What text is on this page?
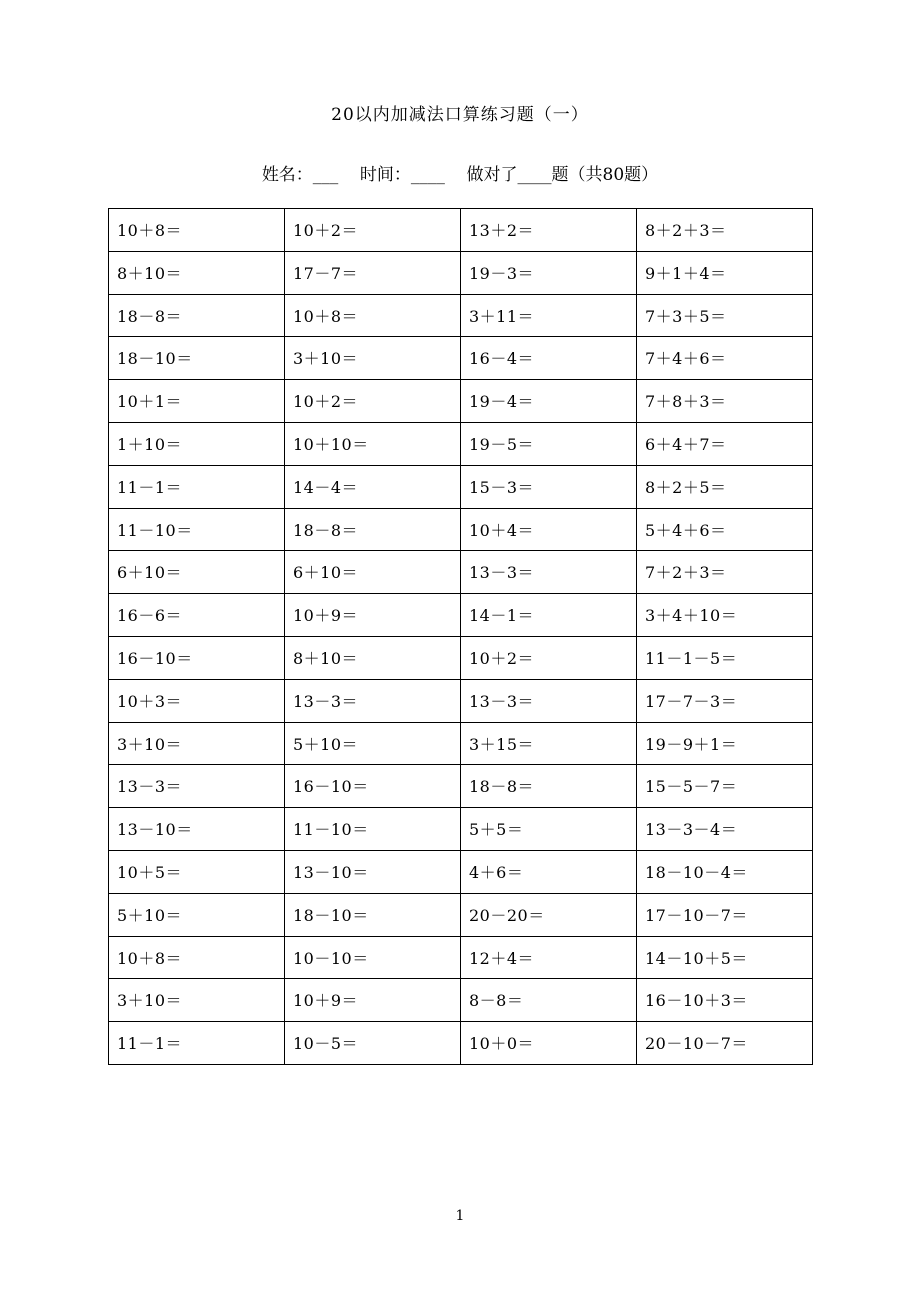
20以内加减法口算练习题（一）
姓名：___    时间：____    做对了____题（共80题）
10＋8＝	10＋2＝	13＋2＝	8＋2＋3＝
8＋10＝	17－7＝	19－3＝	9＋1＋4＝
18－8＝	10＋8＝	3＋11＝	7＋3＋5＝
18－10＝	3＋10＝	16－4＝	7＋4＋6＝
10＋1＝	10＋2＝	19－4＝	7＋8＋3＝
1＋10＝	10＋10＝	19－5＝	6＋4＋7＝
11－1＝	14－4＝	15－3＝	8＋2＋5＝
11－10＝	18－8＝	10＋4＝	5＋4＋6＝
6＋10＝	6＋10＝	13－3＝	7＋2＋3＝
16－6＝	10＋9＝	14－1＝	3＋4＋10＝
16－10＝	8＋10＝	10＋2＝	11－1－5＝
10＋3＝	13－3＝	13－3＝	17－7－3＝
3＋10＝	5＋10＝	3＋15＝	19－9＋1＝
13－3＝	16－10＝	18－8＝	15－5－7＝
13－10＝	11－10＝	5＋5＝	13－3－4＝
10＋5＝	13－10＝	4＋6＝	18－10－4＝
5＋10＝	18－10＝	20－20＝	17－10－7＝
10＋8＝	10－10＝	12＋4＝	14－10＋5＝
3＋10＝	10＋9＝	8－8＝	16－10＋3＝
11－1＝	10－5＝	10＋0＝	20－10－7＝
1
